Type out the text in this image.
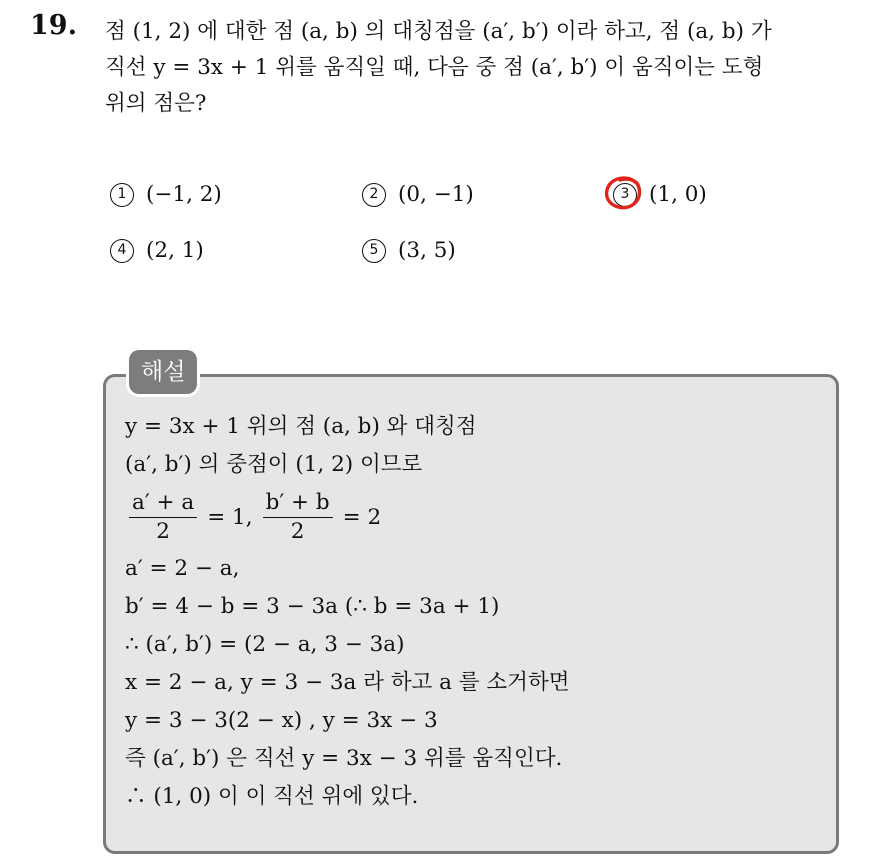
19. 점 (1, 2) 에 대한 점 (a, b) 의 대칭점을 (a′, b′) 이라 하고, 점 (a, b) 가
직선 y = 3x + 1 위를 움직일 때, 다음 중 점 (a′, b′) 이 움직이는 도형
위의 점은?
1 (−1, 2)	2 (0, −1)	3 (1, 0)
4 (2, 1)	5 (3, 5)
해설
y = 3x + 1 위의 점 (a, b) 와 대칭점
(a′, b′) 의 중점이 (1, 2) 이므로
$\frac{a' + a}{2} = 1$, $\frac{b' + b}{2} = 2$
a′ = 2 − a,
b′ = 4 − b = 3 − 3a (∴ b = 3a + 1)
∴ (a′, b′) = (2 − a, 3 − 3a)
x = 2 − a, y = 3 − 3a 라 하고 a 를 소거하면
y = 3 − 3(2 − x) , y = 3x − 3
즉 (a′, b′) 은 직선 y = 3x − 3 위를 움직인다.
∴ (1, 0) 이 이 직선 위에 있다.
